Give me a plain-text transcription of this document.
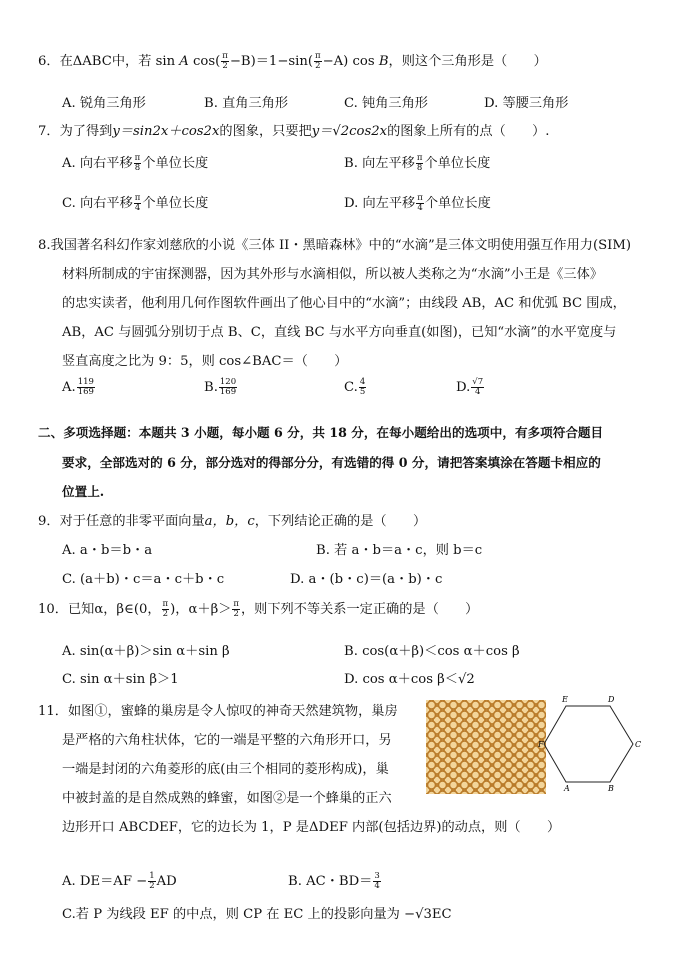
6．在ΔABC中，若 sin A $\cos( \frac{\pi}{2} -B)=1-\sin( \frac{\pi}{2} -A)$ cos B，则这个三角形是（　　）
A. 锐角三角形	B. 直角三角形	C. 钝角三角形	D. 等腰三角形
7．为了得到y＝sin2x＋cos2x的图象，只要把y＝√2cos2x的图象上所有的点（　　）.
A. 向右平移 $\frac{\pi}{8}$ 个单位长度	B. 向左平移 $\frac{\pi}{8}$ 个单位长度
C. 向右平移 $\frac{\pi}{4}$ 个单位长度	D. 向左平移 $\frac{\pi}{4}$ 个单位长度
8.我国著名科幻作家刘慈欣的小说《三体 II・黑暗森林》中的“水滴”是三体文明使用强互作用力(SIM)
材料所制成的宇宙探测器，因为其外形与水滴相似，所以被人类称之为“水滴”小王是《三体》
的忠实读者，他利用几何作图软件画出了他心目中的“水滴”；由线段 AB，AC 和优弧 BC 围成，
AB，AC 与圆弧分别切于点 B、C，直线 BC 与水平方向垂直(如图)，已知“水滴”的水平宽度与
竖直高度之比为 9：5，则 cos∠BAC＝（　　）
A. $\frac{119}{169}$	B. $\frac{120}{169}$	C. $\frac{4}{5}$	D. $\frac{√7}{4}$
二、多项选择题：本题共 3 小题，每小题 6 分，共 18 分，在每小题给出的选项中，有多项符合题目
要求，全部选对的 6 分，部分选对的得部分分，有选错的得 0 分，请把答案填涂在答题卡相应的
位置上.
9．对于任意的非零平面向量a，b，c，下列结论正确的是（　　）
A. a・b＝b・a	B. 若 a・b＝a・c，则 b＝c
C. (a＋b)・c＝a・c＋b・c	D. a・(b・c)＝(a・b)・c
10．已知α，β∈(0， $\frac{\pi}{2}$ )，$\alpha+\beta> \frac{\pi}{2}$ ，则下列不等关系一定正确的是（　　）
A. sin(α＋β)＞sin α＋sin β	B. cos(α＋β)＜cos α＋cos β
C. sin α＋sin β＞1	D. cos α＋cos β＜√2
11．如图①，蜜蜂的巢房是令人惊叹的神奇天然建筑物，巢房
是严格的六角柱状体，它的一端是平整的六角形开口，另
一端是封闭的六角菱形的底(由三个相同的菱形构成)，巢
中被封盖的是自然成熟的蜂蜜，如图②是一个蜂巢的正六
边形开口 ABCDEF，它的边长为 1，P 是ΔDEF 内部(包括边界)的动点，则（　　）
A	B
C
D
E
F
A. $DE=AF - \frac{1}{2}$ AD	B. AC・$BD= \frac{3}{4}$
C.若 P 为线段 EF 的中点，则 CP 在 EC 上的投影向量为 −√3EC
